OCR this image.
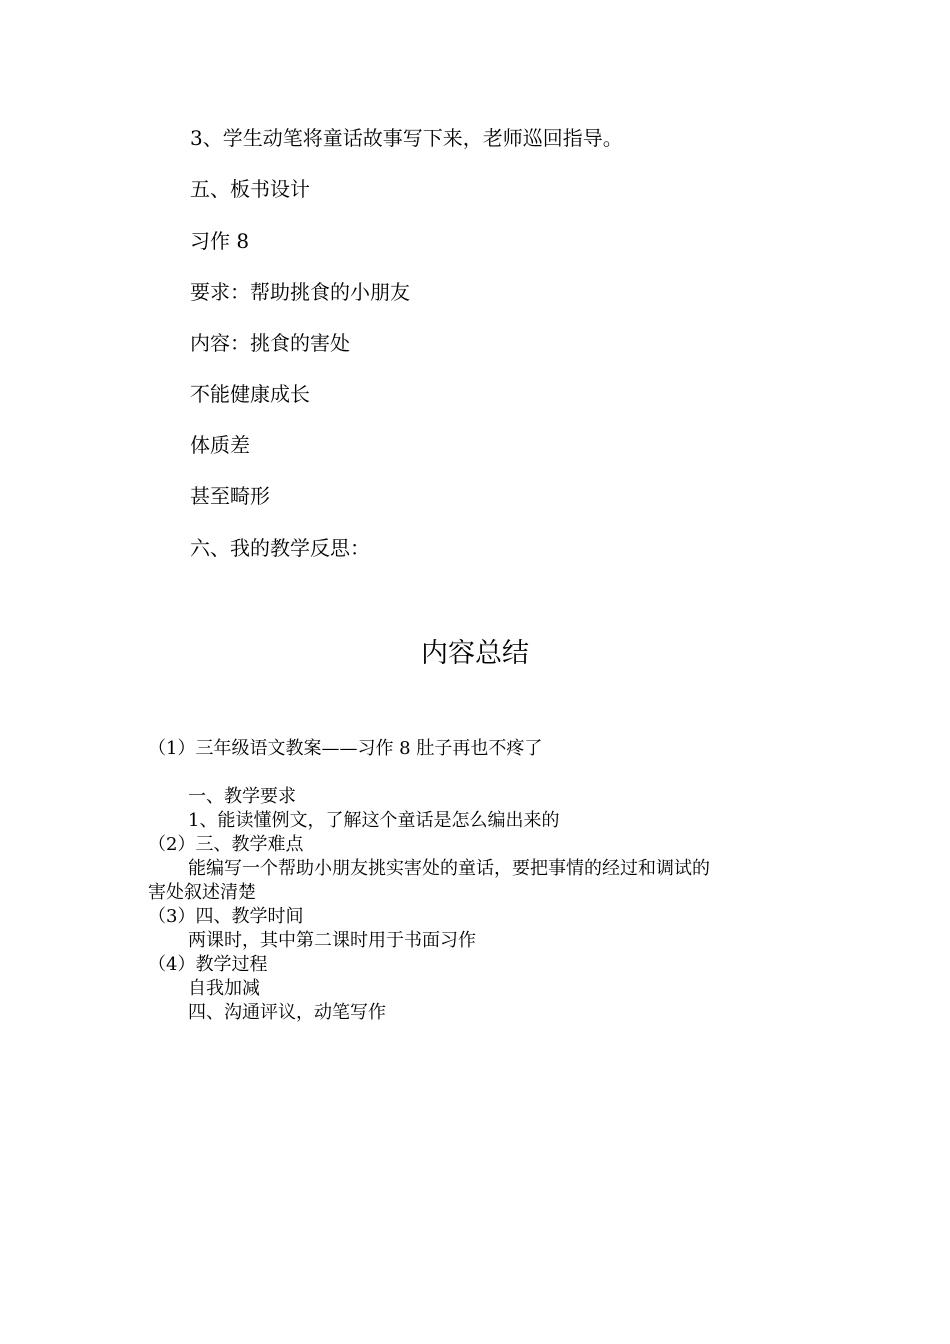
3、学生动笔将童话故事写下来，老师巡回指导。
五、板书设计
习作 8
要求：帮助挑食的小朋友
内容：挑食的害处
不能健康成长
体质差
甚至畸形
六、我的教学反思：
内容总结
（1）三年级语文教案——习作 8 肚子再也不疼了
一、教学要求
1、能读懂例文，了解这个童话是怎么编出来的
（2）三、教学难点
能编写一个帮助小朋友挑实害处的童话，要把事情的经过和调试的
害处叙述清楚
（3）四、教学时间
两课时，其中第二课时用于书面习作
（4）教学过程
自我加减
四、沟通评议，动笔写作
